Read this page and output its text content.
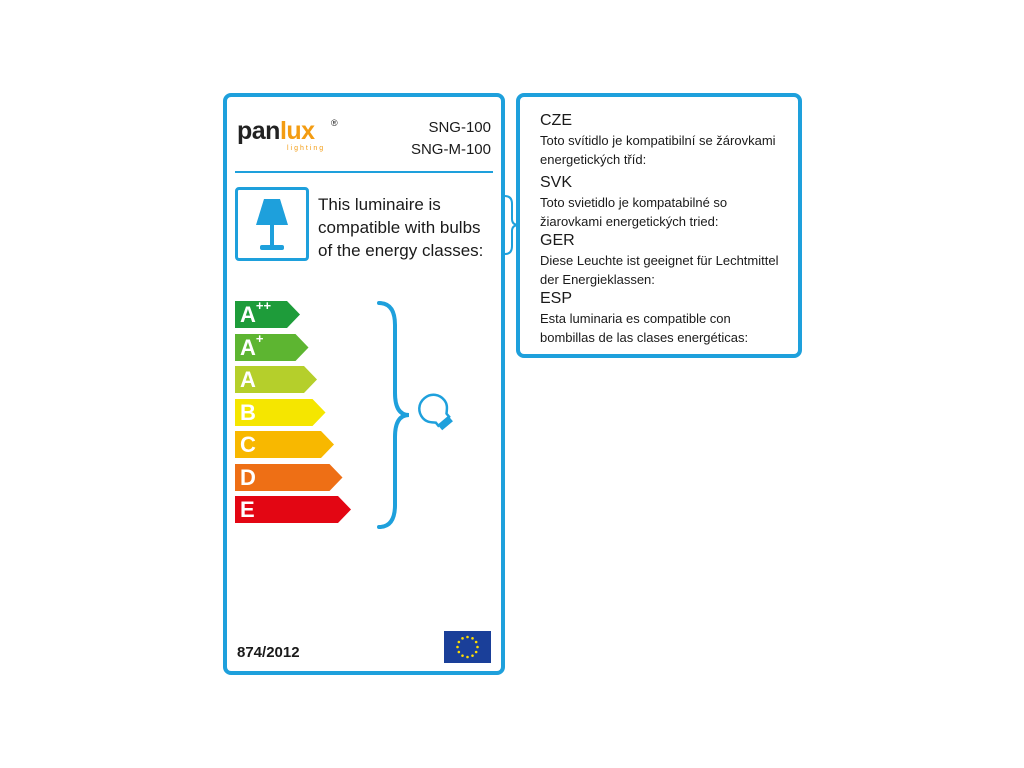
panlux ®
lighting
SNG-100
SNG-M-100
This luminaire is compatible with bulbs of the energy classes:
A++
A+
A
B
C
D
E
874/2012
CZE
Toto svítidlo je kompatibilní se žárovkami
energetických tříd:
SVK
Toto svietidlo je kompatabilné so
žiarovkami energetických tried:
GER
Diese Leuchte ist geeignet für Lechtmittel
der Energieklassen:
ESP
Esta luminaria es compatible con
bombillas de las clases energéticas:
